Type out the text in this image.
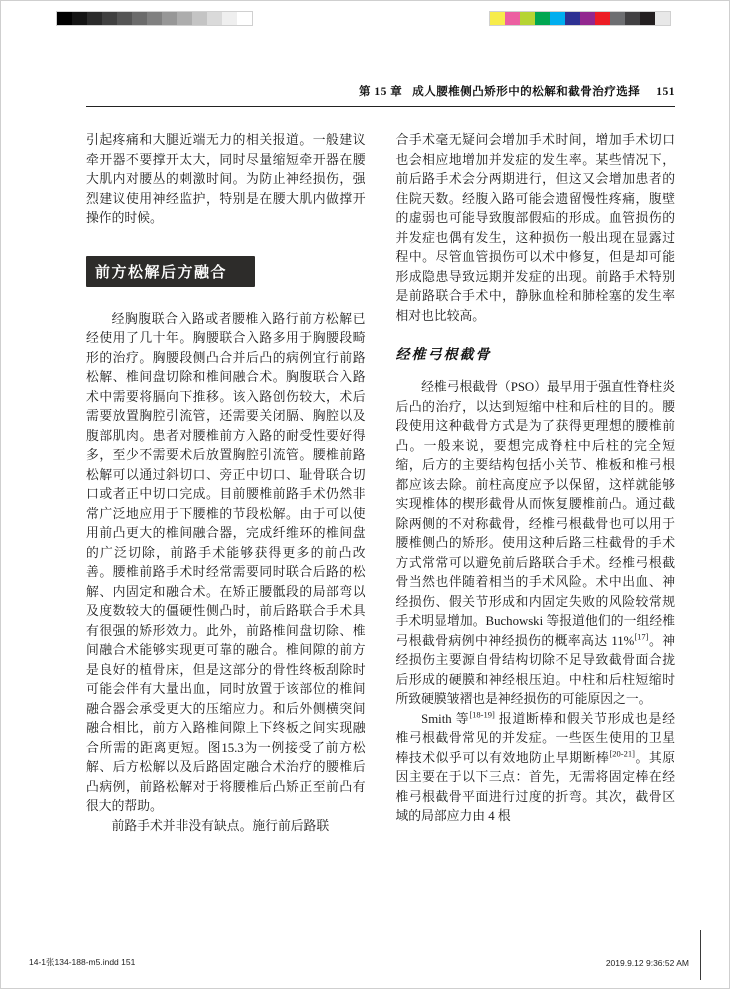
第 15 章 成人腰椎侧凸矫形中的松解和截骨治疗选择 151

引起疼痛和大腿近端无力的相关报道。一般建议牵开器不要撑开太大，同时尽量缩短牵开器在腰大肌内对腰丛的刺激时间。为防止神经损伤，强烈建议使用神经监护，特别是在腰大肌内做撑开操作的时候。

前方松解后方融合

经胸腹联合入路或者腰椎入路行前方松解已经使用了几十年。胸腰联合入路多用于胸腰段畸形的治疗。胸腰段侧凸合并后凸的病例宜行前路松解、椎间盘切除和椎间融合术。胸腹联合入路术中需要将膈向下推移。该入路创伤较大，术后需要放置胸腔引流管，还需要关闭膈、胸腔以及腹部肌肉。患者对腰椎前方入路的耐受性要好得多，至少不需要术后放置胸腔引流管。腰椎前路松解可以通过斜切口、旁正中切口、耻骨联合切口或者正中切口完成。目前腰椎前路手术仍然非常广泛地应用于下腰椎的节段松解。由于可以使用前凸更大的椎间融合器，完成纤维环的椎间盘的广泛切除，前路手术能够获得更多的前凸改善。腰椎前路手术时经常需要同时联合后路的松解、内固定和融合术。在矫正腰骶段的局部弯以及度数较大的僵硬性侧凸时，前后路联合手术具有很强的矫形效力。此外，前路椎间盘切除、椎间融合术能够实现更可靠的融合。椎间隙的前方是良好的植骨床，但是这部分的骨性终板刮除时可能会伴有大量出血，同时放置于该部位的椎间融合器会承受更大的压缩应力。和后外侧横突间融合相比，前方入路椎间隙上下终板之间实现融合所需的距离更短。图15.3为一例接受了前方松解、后方松解以及后路固定融合术治疗的腰椎后凸病例，前路松解对于将腰椎后凸矫正至前凸有很大的帮助。

前路手术并非没有缺点。施行前后路联

合手术毫无疑问会增加手术时间，增加手术切口也会相应地增加并发症的发生率。某些情况下，前后路手术会分两期进行，但这又会增加患者的住院天数。经腹入路可能会遗留慢性疼痛，腹壁的虚弱也可能导致腹部假疝的形成。血管损伤的并发症也偶有发生，这种损伤一般出现在显露过程中。尽管血管损伤可以术中修复，但是却可能形成隐患导致远期并发症的出现。前路手术特别是前路联合手术中，静脉血栓和肺栓塞的发生率相对也比较高。

经椎弓根截骨

经椎弓根截骨（PSO）最早用于强直性脊柱炎后凸的治疗，以达到短缩中柱和后柱的目的。腰段使用这种截骨方式是为了获得更理想的腰椎前凸。一般来说，要想完成脊柱中后柱的完全短缩，后方的主要结构包括小关节、椎板和椎弓根都应该去除。前柱高度应予以保留，这样就能够实现椎体的楔形截骨从而恢复腰椎前凸。通过截除两侧的不对称截骨，经椎弓根截骨也可以用于腰椎侧凸的矫形。使用这种后路三柱截骨的手术方式常常可以避免前后路联合手术。经椎弓根截骨当然也伴随着相当的手术风险。术中出血、神经损伤、假关节形成和内固定失败的风险较常规手术明显增加。Buchowski 等报道他们的一组经椎弓根截骨病例中神经损伤的概率高达 11%[17]。神经损伤主要源自骨结构切除不足导致截骨面合拢后形成的硬膜和神经根压迫。中柱和后柱短缩时所致硬膜皱褶也是神经损伤的可能原因之一。

Smith 等[18-19] 报道断棒和假关节形成也是经椎弓根截骨常见的并发症。一些医生使用的卫星棒技术似乎可以有效地防止早期断棒[20-21]。其原因主要在于以下三点：首先，无需将固定棒在经椎弓根截骨平面进行过度的折弯。其次，截骨区域的局部应力由 4 根

14-1张134-188-m5.indd 151	2019.9.12 9:36:52 AM
